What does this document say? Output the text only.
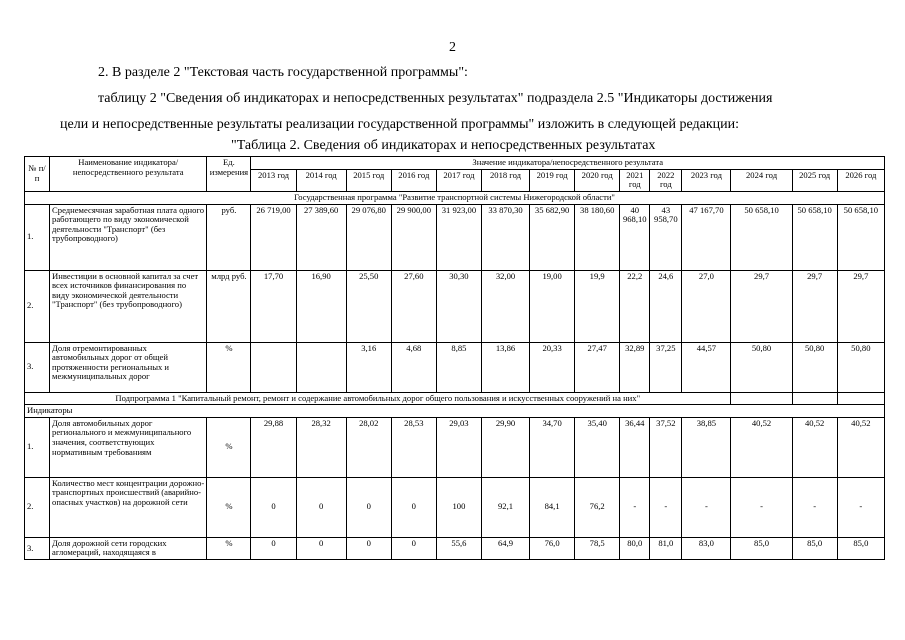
2
2. В разделе 2 "Текстовая часть государственной программы":
таблицу 2 "Сведения об индикаторах и непосредственных результатах" подраздела 2.5 "Индикаторы достижения
цели и непосредственные результаты реализации государственной программы" изложить в следующей редакции:
"Таблица 2. Сведения об индикаторах и непосредственных результатах
№ п/п	Наименование индикатора/непосредственного результата	Ед. измерения	Значение индикатора/непосредственного результата													
			2013 год	2014 год	2015 год	2016 год	2017 год	2018 год	2019 год	2020 год	2021 год	2022 год	2023 год	2024 год	2025 год	2026 год
Государственная программа "Развитие транспортной системы Нижегородской области"																
1.	Среднемесячная заработная плата одного работающего по виду экономической деятельности "Транспорт" (без трубопроводного)	руб.	26 719,00	27 389,60	29 076,80	29 900,00	31 923,00	33 870,30	35 682,90	38 180,60	40 968,10	43 958,70	47 167,70	50 658,10	50 658,10	50 658,10
2.	Инвестиции в основной капитал за счет всех источников финансирования по виду экономической деятельности "Транспорт" (без трубопроводного)	млрд руб.	17,70	16,90	25,50	27,60	30,30	32,00	19,00	19,9	22,2	24,6	27,0	29,7	29,7	29,7
3.	Доля отремонтированных автомобильных дорог от общей протяженности региональных и межмуниципальных дорог	%			3,16	4,68	8,85	13,86	20,33	27,47	32,89	37,25	44,57	50,80	50,80	50,80
Подпрограмма 1 "Капитальный ремонт, ремонт и содержание автомобильных дорог общего пользования и искусственных сооружений на них"																
Индикаторы																
1.	Доля автомобильных дорог регионального и межмуниципального значения, соответствующих нормативным требованиям	%	29,88	28,32	28,02	28,53	29,03	29,90	34,70	35,40	36,44	37,52	38,85	40,52	40,52	40,52
2.	Количество мест концентрации дорожно-транспортных происшествий (аварийно-опасных участков) на дорожной сети	%	0	0	0	0	100	92,1	84,1	76,2	-	-	-	-	-	-
3.	Доля дорожной сети городских агломераций, находящаяся в	%	0	0	0	0	55,6	64,9	76,0	78,5	80,0	81,0	83,0	85,0	85,0	85,0
